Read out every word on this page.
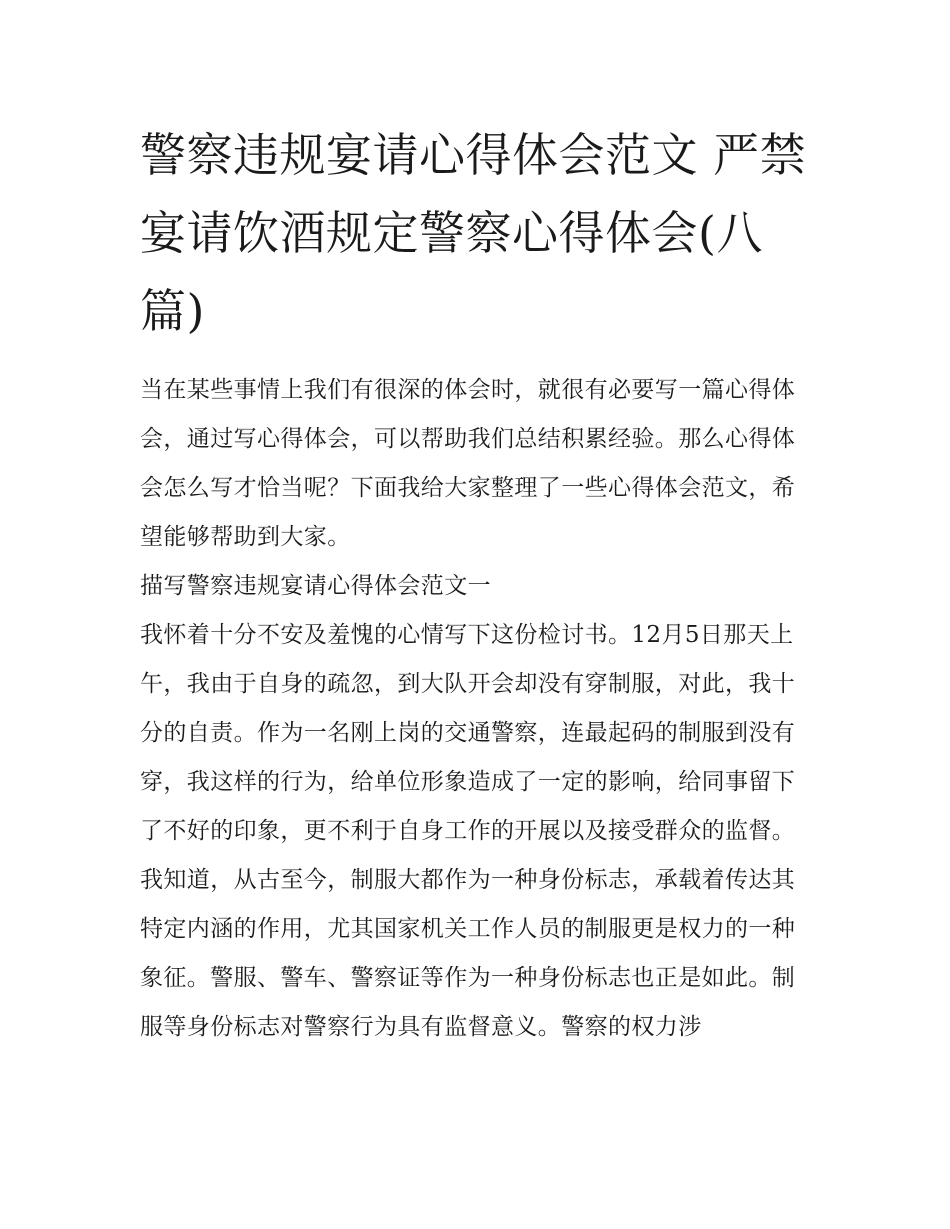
警察违规宴请心得体会范文 严禁宴请饮酒规定警察心得体会(八篇)

当在某些事情上我们有很深的体会时，就很有必要写一篇心得体会，通过写心得体会，可以帮助我们总结积累经验。那么心得体会怎么写才恰当呢？下面我给大家整理了一些心得体会范文，希望能够帮助到大家。

描写警察违规宴请心得体会范文一

我怀着十分不安及羞愧的心情写下这份检讨书。12月5日那天上午，我由于自身的疏忽，到大队开会却没有穿制服，对此，我十分的自责。作为一名刚上岗的交通警察，连最起码的制服到没有穿，我这样的行为，给单位形象造成了一定的影响，给同事留下了不好的印象，更不利于自身工作的开展以及接受群众的监督。

我知道，从古至今，制服大都作为一种身份标志，承载着传达其特定内涵的作用，尤其国家机关工作人员的制服更是权力的一种象征。警服、警车、警察证等作为一种身份标志也正是如此。制服等身份标志对警察行为具有监督意义。警察的权力涉
